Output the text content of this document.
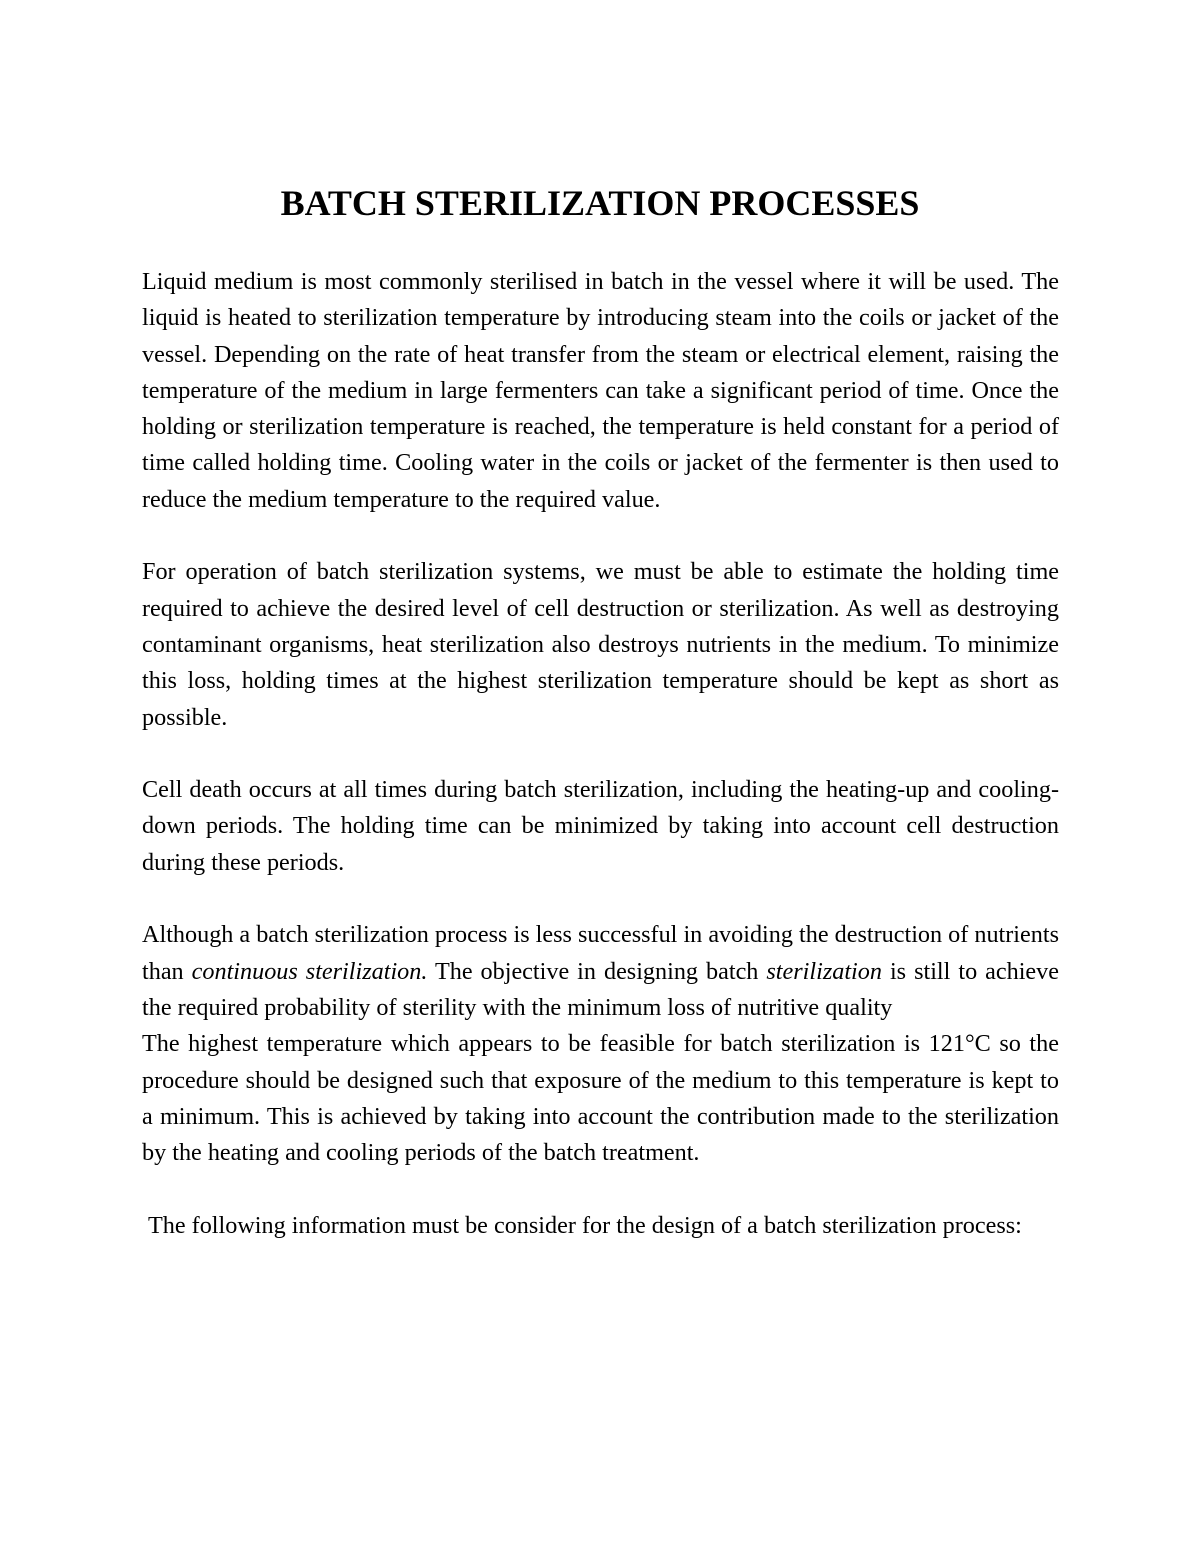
BATCH STERILIZATION PROCESSES

Liquid medium is most commonly sterilised in batch in the vessel where it will be used. The liquid is heated to sterilization temperature by introducing steam into the coils or jacket of the vessel. Depending on the rate of heat transfer from the steam or electrical element, raising the temperature of the medium in large fermenters can take a significant period of time. Once the holding or sterilization temperature is reached, the temperature is held constant for a period of time called holding time. Cooling water in the coils or jacket of the fermenter is then used to reduce the medium temperature to the required value.

For operation of batch sterilization systems, we must be able to estimate the holding time required to achieve the desired level of cell destruction or sterilization. As well as destroying contaminant organisms, heat sterilization also destroys nutrients in the medium. To minimize this loss, holding times at the highest sterilization temperature should be kept as short as possible.

Cell death occurs at all times during batch sterilization, including the heating-up and cooling-down periods. The holding time can be minimized by taking into account cell destruction during these periods.

Although a batch sterilization process is less successful in avoiding the destruction of nutrients than continuous sterilization. The objective in designing batch sterilization is still to achieve the required probability of sterility with the minimum loss of nutritive quality

The highest temperature which appears to be feasible for batch sterilization is 121°C so the procedure should be designed such that exposure of the medium to this temperature is kept to a minimum. This is achieved by taking into account the contribution made to the sterilization by the heating and cooling periods of the batch treatment.

The following information must be consider for the design of a batch sterilization process:
